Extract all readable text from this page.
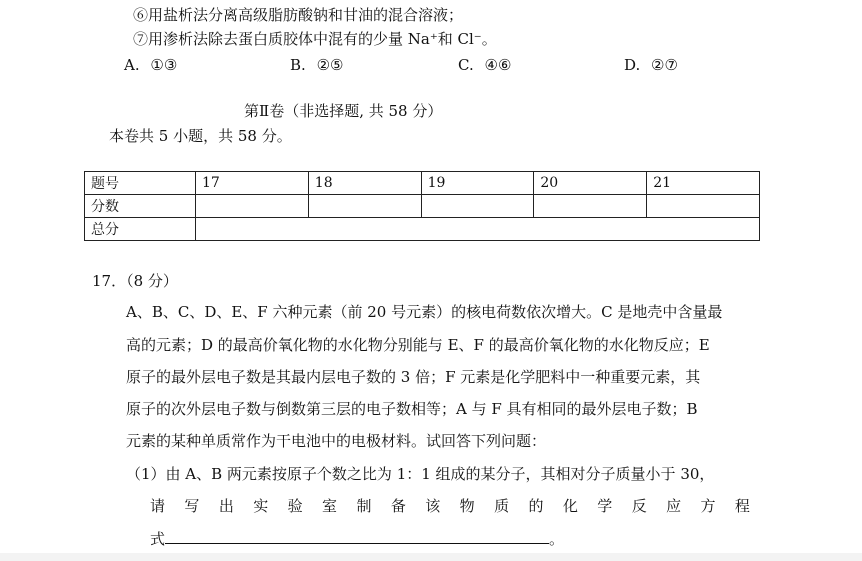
⑥用盐析法分离高级脂肪酸钠和甘油的混合溶液；
⑦用渗析法除去蛋白质胶体中混有的少量 Na⁺和 Cl⁻。
A. ①③	B. ②⑤	C. ④⑥	D. ②⑦
第Ⅱ卷（非选择题, 共 58 分）
本卷共 5 小题，共 58 分。
题号	17	18	19	20	21
分数					
总分					
17．（8 分）
A、B、C、D、E、F 六种元素（前 20 号元素）的核电荷数依次增大。C 是地壳中含量最
高的元素；D 的最高价氧化物的水化物分别能与 E、F 的最高价氧化物的水化物反应；E
原子的最外层电子数是其最内层电子数的 3 倍；F 元素是化学肥料中一种重要元素，其
原子的次外层电子数与倒数第三层的电子数相等；A 与 F 具有相同的最外层电子数；B
元素的某种单质常作为干电池中的电极材料。试回答下列问题：
（1）由 A、B 两元素按原子个数之比为 1：1 组成的某分子，其相对分子质量小于 30，
请 写 出 实 验 室 制 备 该 物 质 的 化 学 反 应 方 程
式	。
